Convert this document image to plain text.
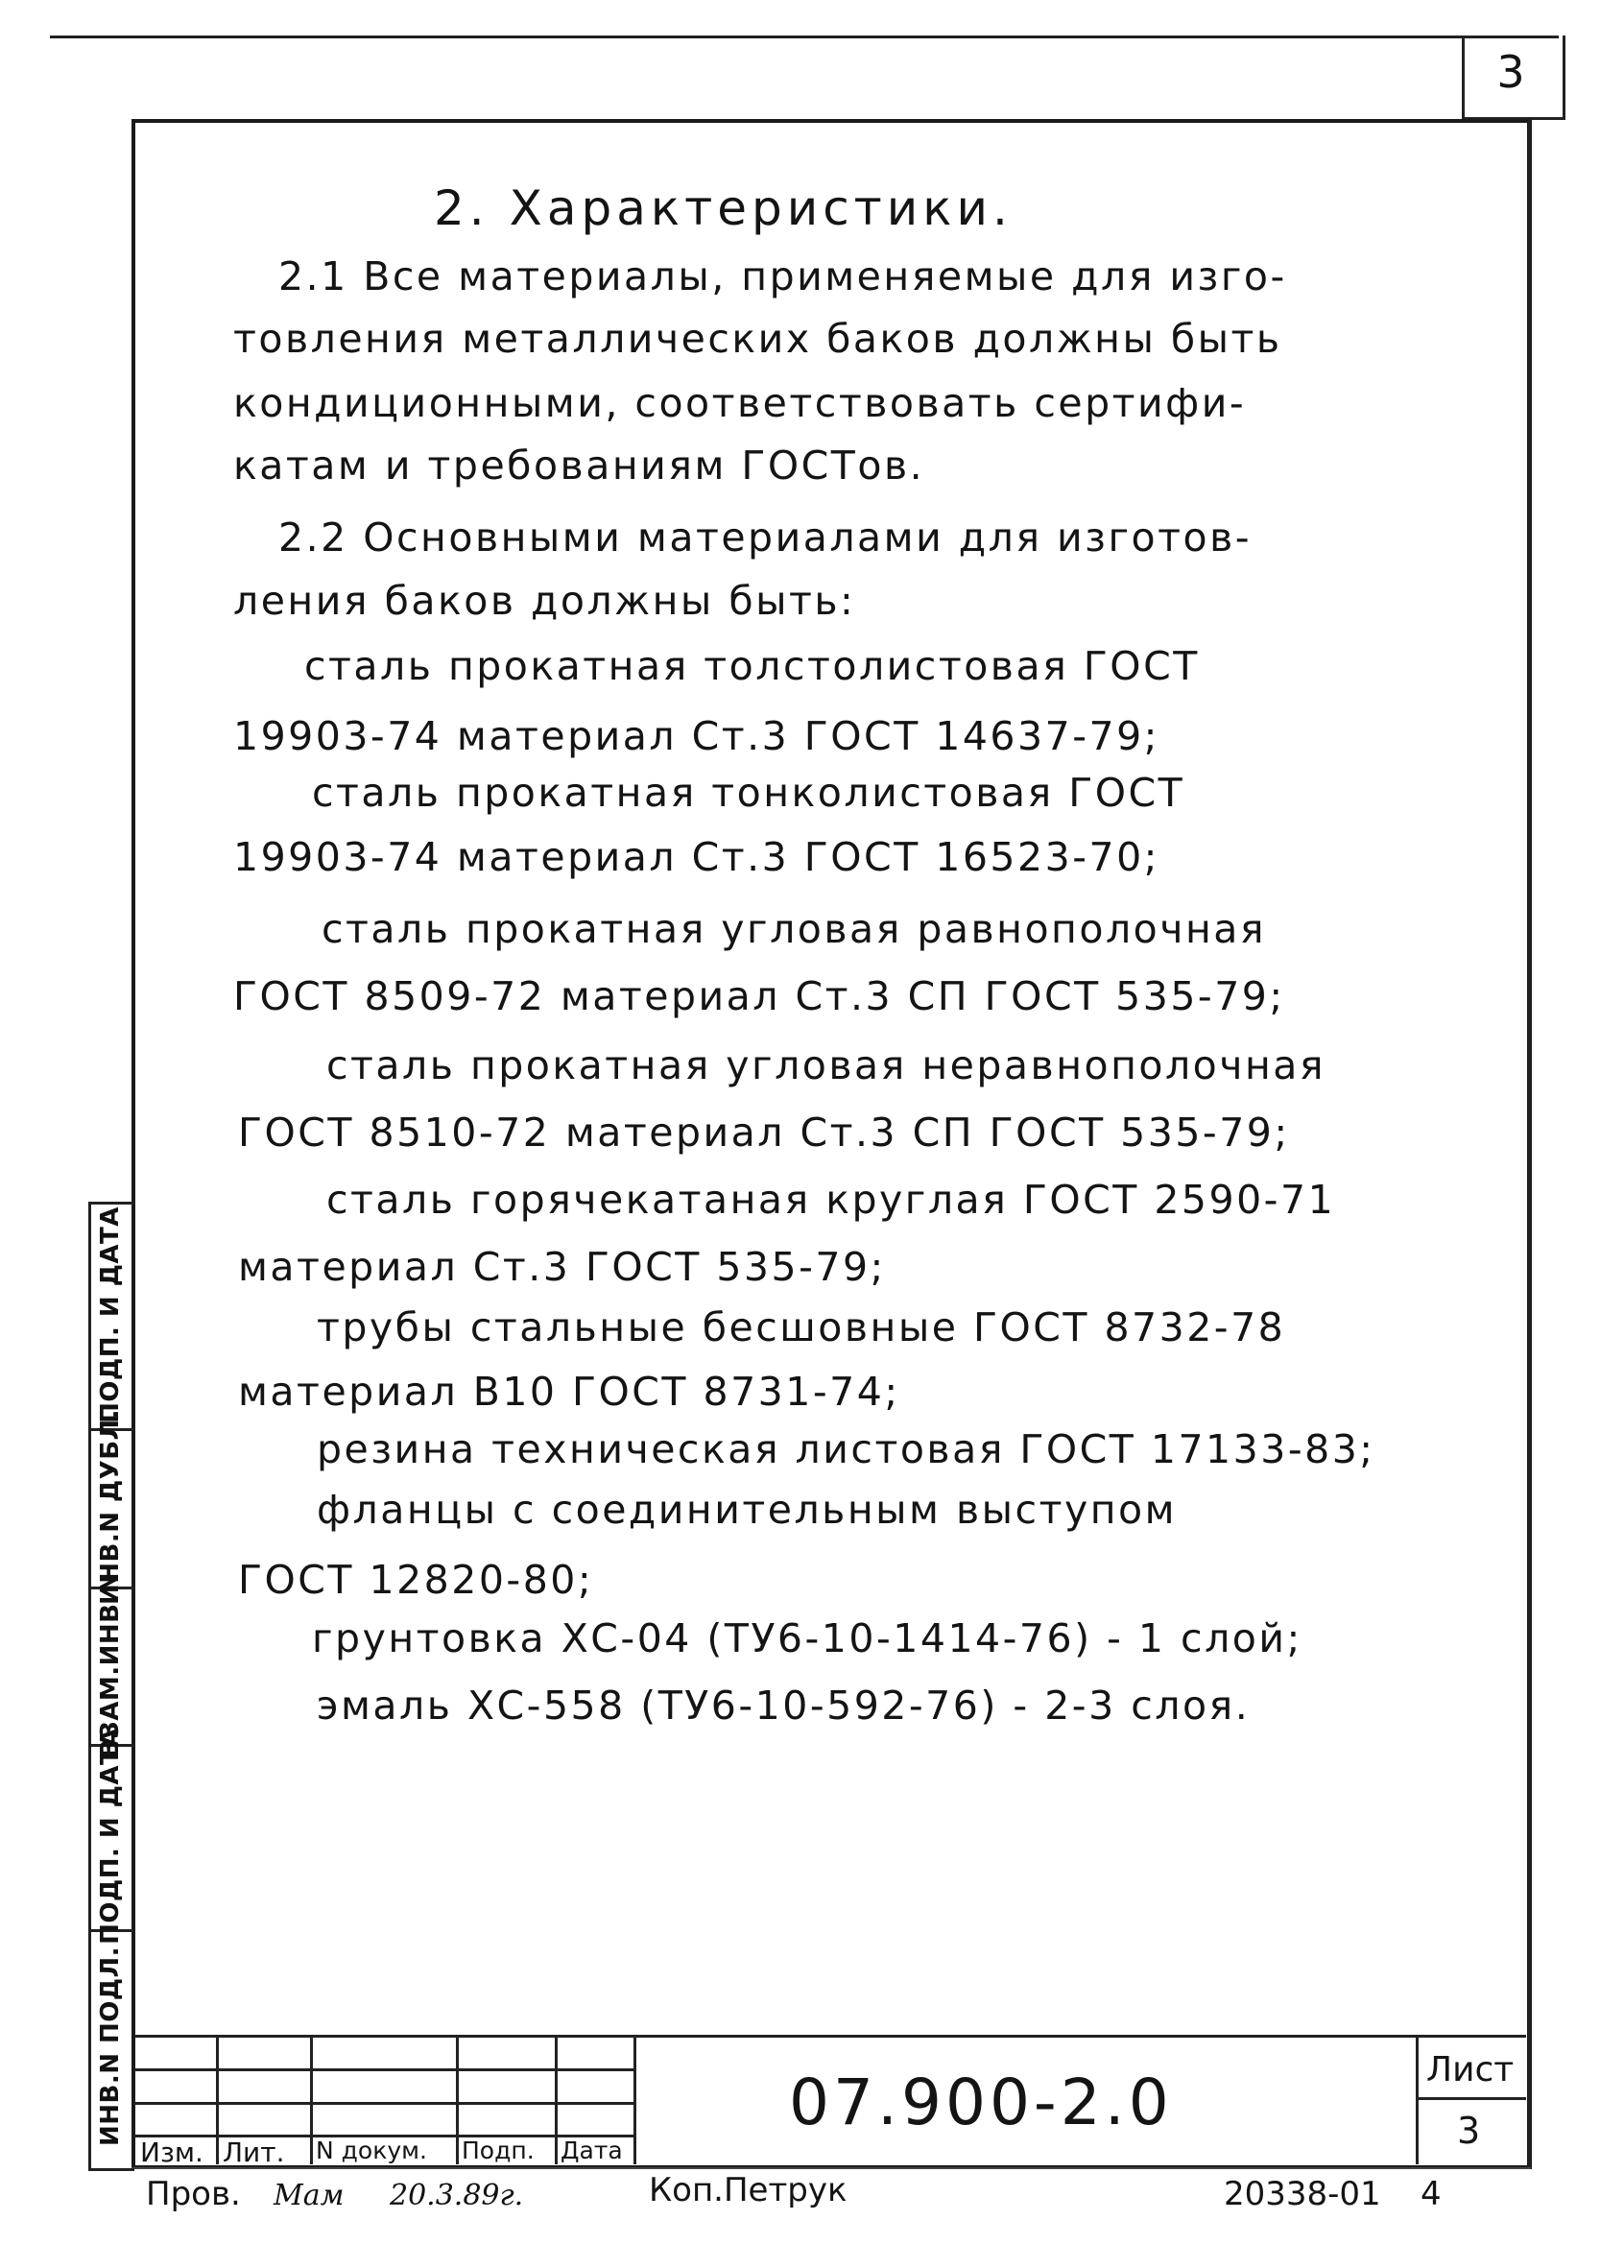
3
ИНВ.N ПОДЛ.
ПОДП. И ДАТА
ВЗАМ.ИНВ.N
ИНВ.N ДУБЛ.
ПОДП. И ДАТА
2. Характеристики.
2.1 Все материалы, применяемые для изго-
товления металлических баков должны быть
кондиционными, соответствовать сертифи-
катам и требованиям ГОСТов.
2.2 Основными материалами для изготов-
ления баков должны быть:
сталь прокатная толстолистовая ГОСТ
19903-74 материал Ст.3 ГОСТ 14637-79;
сталь прокатная тонколистовая ГОСТ
19903-74 материал Ст.3 ГОСТ 16523-70;
сталь прокатная угловая равнополочная
ГОСТ 8509-72 материал Ст.3 СП ГОСТ 535-79;
сталь прокатная угловая неравнополочная
ГОСТ 8510-72 материал Ст.3 СП ГОСТ 535-79;
сталь горячекатаная круглая ГОСТ 2590-71
материал Ст.3 ГОСТ 535-79;
трубы стальные бесшовные ГОСТ 8732-78
материал В10 ГОСТ 8731-74;
резина техническая листовая ГОСТ 17133-83;
фланцы с соединительным выступом
ГОСТ 12820-80;
грунтовка ХС-04 (ТУ6-10-1414-76) - 1 слой;
эмаль ХС-558 (ТУ6-10-592-76) - 2-3 слоя.
Изм. Лит. N докум. Подп. Дата
07.900-2.0	Лист
3
Пров. Мам 20.3.89г.	Коп.Петрук	20338-01 4
